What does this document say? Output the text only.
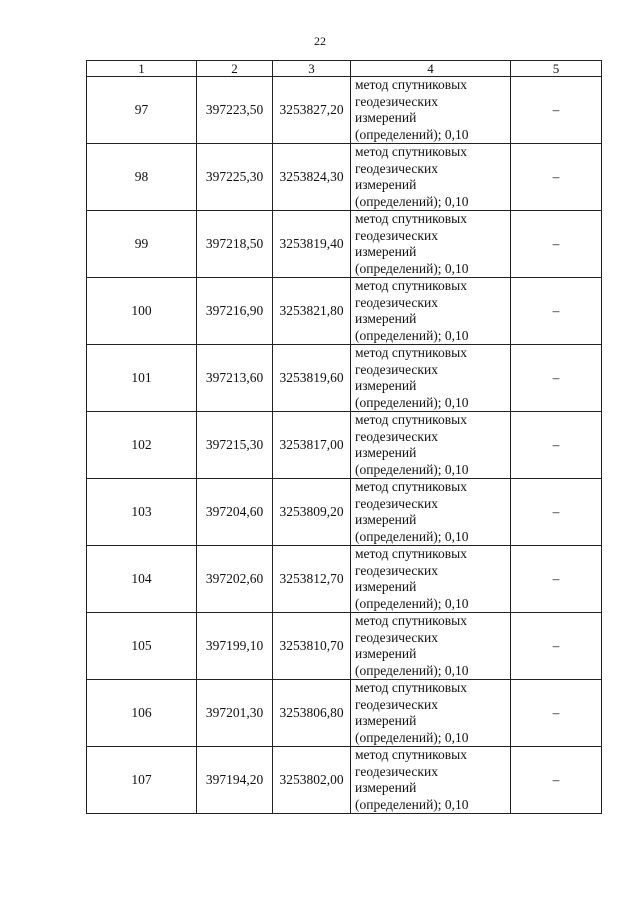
22
1	2	3	4	5
97	397223,50	3253827,20	метод спутниковых
геодезических
измерений
(определений); 0,10	–
98	397225,30	3253824,30	метод спутниковых
геодезических
измерений
(определений); 0,10	–
99	397218,50	3253819,40	метод спутниковых
геодезических
измерений
(определений); 0,10	–
100	397216,90	3253821,80	метод спутниковых
геодезических
измерений
(определений); 0,10	–
101	397213,60	3253819,60	метод спутниковых
геодезических
измерений
(определений); 0,10	–
102	397215,30	3253817,00	метод спутниковых
геодезических
измерений
(определений); 0,10	–
103	397204,60	3253809,20	метод спутниковых
геодезических
измерений
(определений); 0,10	–
104	397202,60	3253812,70	метод спутниковых
геодезических
измерений
(определений); 0,10	–
105	397199,10	3253810,70	метод спутниковых
геодезических
измерений
(определений); 0,10	–
106	397201,30	3253806,80	метод спутниковых
геодезических
измерений
(определений); 0,10	–
107	397194,20	3253802,00	метод спутниковых
геодезических
измерений
(определений); 0,10	–
